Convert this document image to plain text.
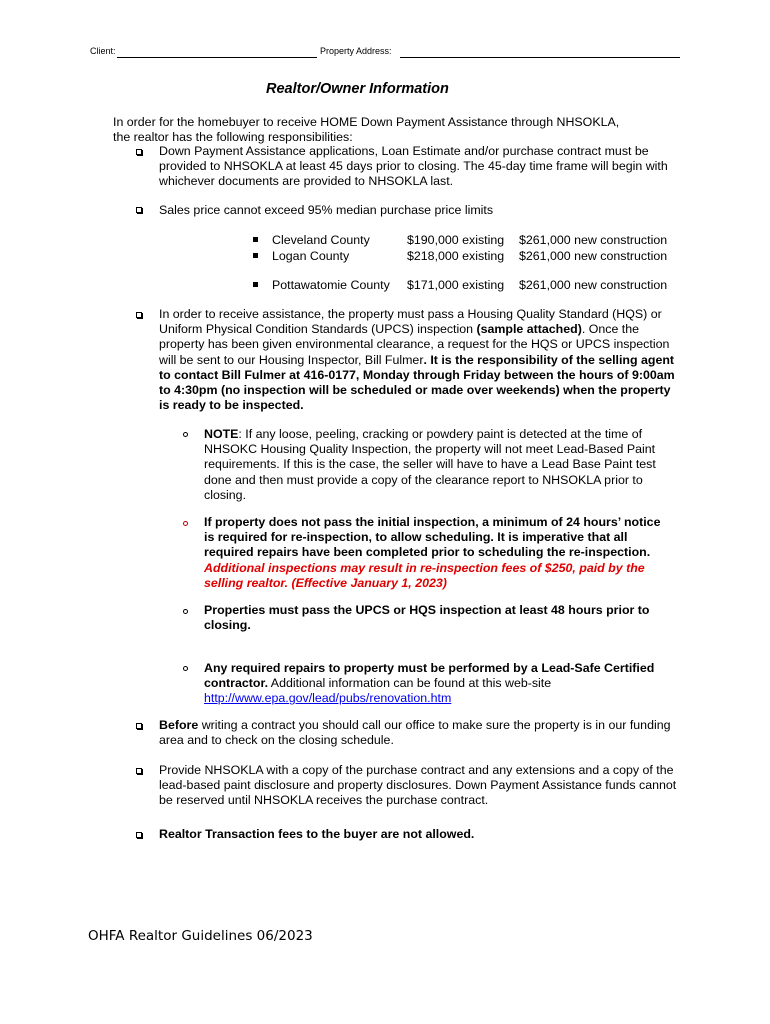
Client:	Property Address:
Realtor/Owner Information
In order for the homebuyer to receive HOME Down Payment Assistance through NHSOKLA, the realtor has the following responsibilities:
Down Payment Assistance applications, Loan Estimate and/or purchase contract must be provided to NHSOKLA at least 45 days prior to closing. The 45-day time frame will begin with whichever documents are provided to NHSOKLA last.
Sales price cannot exceed 95% median purchase price limits
Cleveland County	$190,000 existing $261,000 new construction
Logan County	$218,000 existing $261,000 new construction
Pottawatomie County $171,000 existing $261,000 new construction
In order to receive assistance, the property must pass a Housing Quality Standard (HQS) or Uniform Physical Condition Standards (UPCS) inspection (sample attached). Once the property has been given environmental clearance, a request for the HQS or UPCS inspection will be sent to our Housing Inspector, Bill Fulmer. It is the responsibility of the selling agent to contact Bill Fulmer at 416-0177, Monday through Friday between the hours of 9:00am to 4:30pm (no inspection will be scheduled or made over weekends) when the property is ready to be inspected.
NOTE: If any loose, peeling, cracking or powdery paint is detected at the time of NHSOKC Housing Quality Inspection, the property will not meet Lead-Based Paint requirements. If this is the case, the seller will have to have a Lead Base Paint test done and then must provide a copy of the clearance report to NHSOKLA prior to closing.
If property does not pass the initial inspection, a minimum of 24 hours’ notice is required for re-inspection, to allow scheduling. It is imperative that all required repairs have been completed prior to scheduling the re-inspection. Additional inspections may result in re-inspection fees of $250, paid by the selling realtor. (Effective January 1, 2023)
Properties must pass the UPCS or HQS inspection at least 48 hours prior to closing.
Any required repairs to property must be performed by a Lead-Safe Certified contractor. Additional information can be found at this web-site http://www.epa.gov/lead/pubs/renovation.htm
Before writing a contract you should call our office to make sure the property is in our funding area and to check on the closing schedule.
Provide NHSOKLA with a copy of the purchase contract and any extensions and a copy of the lead-based paint disclosure and property disclosures. Down Payment Assistance funds cannot be reserved until NHSOKLA receives the purchase contract.
Realtor Transaction fees to the buyer are not allowed.
OHFA Realtor Guidelines 06/2023
